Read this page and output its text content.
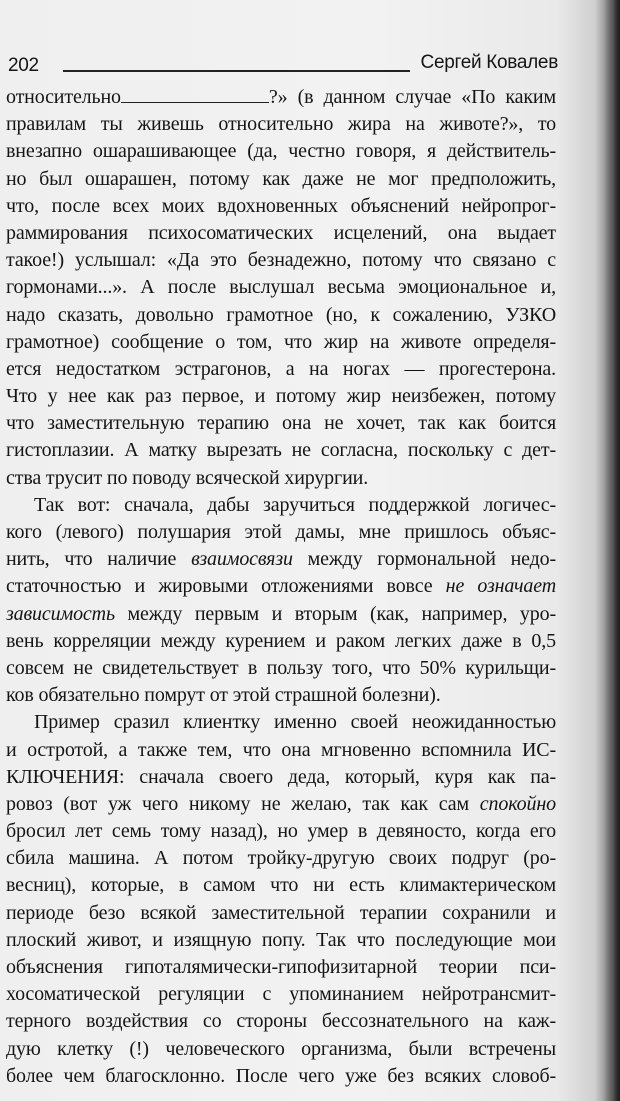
202	Сергей Ковалев
относительно	?» (в данном случае «По каким
правилам ты живешь относительно жира на животе?», то
внезапно ошарашивающее (да, честно говоря, я действитель-
но был ошарашен, потому как даже не мог предположить,
что, после всех моих вдохновенных объяснений нейропрог-
раммирования психосоматических исцелений, она выдает
такое!) услышал: «Да это безнадежно, потому что связано с
гормонами...». А после выслушал весьма эмоциональное и,
надо сказать, довольно грамотное (но, к сожалению, УЗКО
грамотное) сообщение о том, что жир на животе определя-
ется недостатком эстрагонов, а на ногах — прогестерона.
Что у нее как раз первое, и потому жир неизбежен, потому
что заместительную терапию она не хочет, так как боится
гистоплазии. А матку вырезать не согласна, поскольку с дет-
ства трусит по поводу всяческой хирургии.
Так вот: сначала, дабы заручиться поддержкой логичес-
кого (левого) полушария этой дамы, мне пришлось объяс-
нить, что наличие взаимосвязи между гормональной недо-
статочностью и жировыми отложениями вовсе не означает
зависимость между первым и вторым (как, например, уро-
вень корреляции между курением и раком легких даже в 0,5
совсем не свидетельствует в пользу того, что 50% курильщи-
ков обязательно помрут от этой страшной болезни).
Пример сразил клиентку именно своей неожиданностью
и остротой, а также тем, что она мгновенно вспомнила ИС-
КЛЮЧЕНИЯ: сначала своего деда, который, куря как па-
ровоз (вот уж чего никому не желаю, так как сам спокойно
бросил лет семь тому назад), но умер в девяносто, когда его
сбила машина. А потом тройку-другую своих подруг (ро-
весниц), которые, в самом что ни есть климактерическом
периоде безо всякой заместительной терапии сохранили и
плоский живот, и изящную попу. Так что последующие мои
объяснения гипоталямически-гипофизитарной теории пси-
хосоматической регуляции с упоминанием нейротрансмит-
терного воздействия со стороны бессознательного на каж-
дую клетку (!) человеческого организма, были встречены
более чем благосклонно. После чего уже без всяких словоб-
